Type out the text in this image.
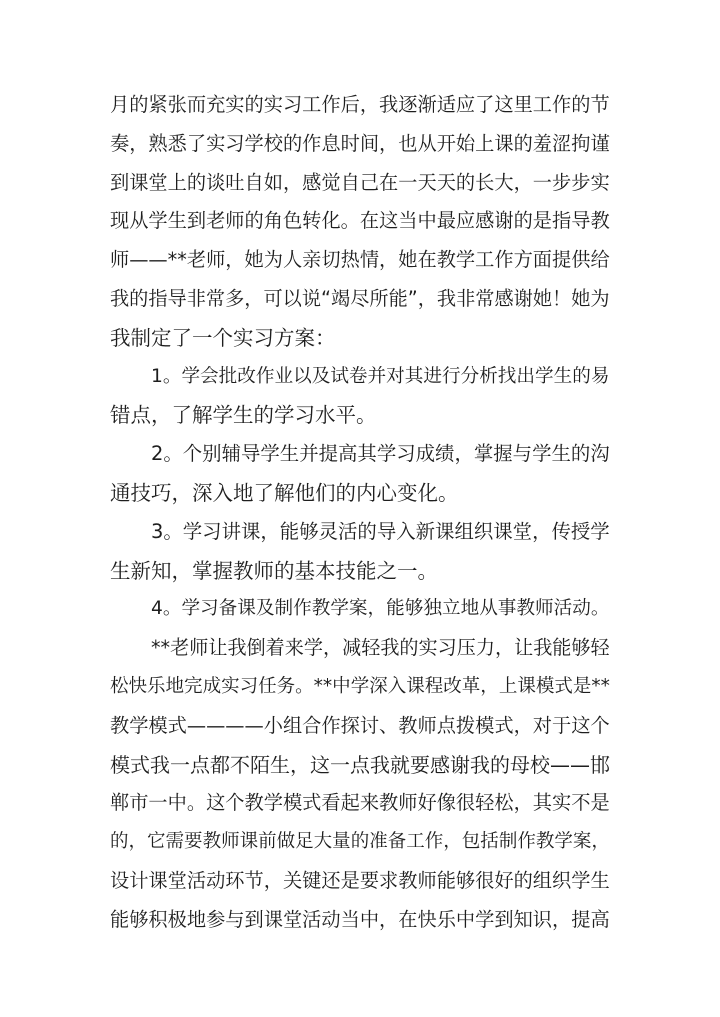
月的紧张而充实的实习工作后，我逐渐适应了这里工作的节
奏，熟悉了实习学校的作息时间，也从开始上课的羞涩拘谨
到课堂上的谈吐自如，感觉自己在一天天的长大，一步步实
现从学生到老师的角色转化。在这当中最应感谢的是指导教
师——**老师，她为人亲切热情，她在教学工作方面提供给
我的指导非常多，可以说“竭尽所能”，我非常感谢她！她为
我制定了一个实习方案：

1。学会批改作业以及试卷并对其进行分析找出学生的易
错点，了解学生的学习水平。

2。个别辅导学生并提高其学习成绩，掌握与学生的沟
通技巧，深入地了解他们的内心变化。

3。学习讲课，能够灵活的导入新课组织课堂，传授学
生新知，掌握教师的基本技能之一。

4。学习备课及制作教学案，能够独立地从事教师活动。

**老师让我倒着来学，减轻我的实习压力，让我能够轻
松快乐地完成实习任务。**中学深入课程改革，上课模式是**
教学模式————小组合作探讨、教师点拨模式，对于这个
模式我一点都不陌生，这一点我就要感谢我的母校——邯
郸市一中。这个教学模式看起来教师好像很轻松，其实不是
的，它需要教师课前做足大量的准备工作，包括制作教学案，
设计课堂活动环节，关键还是要求教师能够很好的组织学生
能够积极地参与到课堂活动当中，在快乐中学到知识，提高
